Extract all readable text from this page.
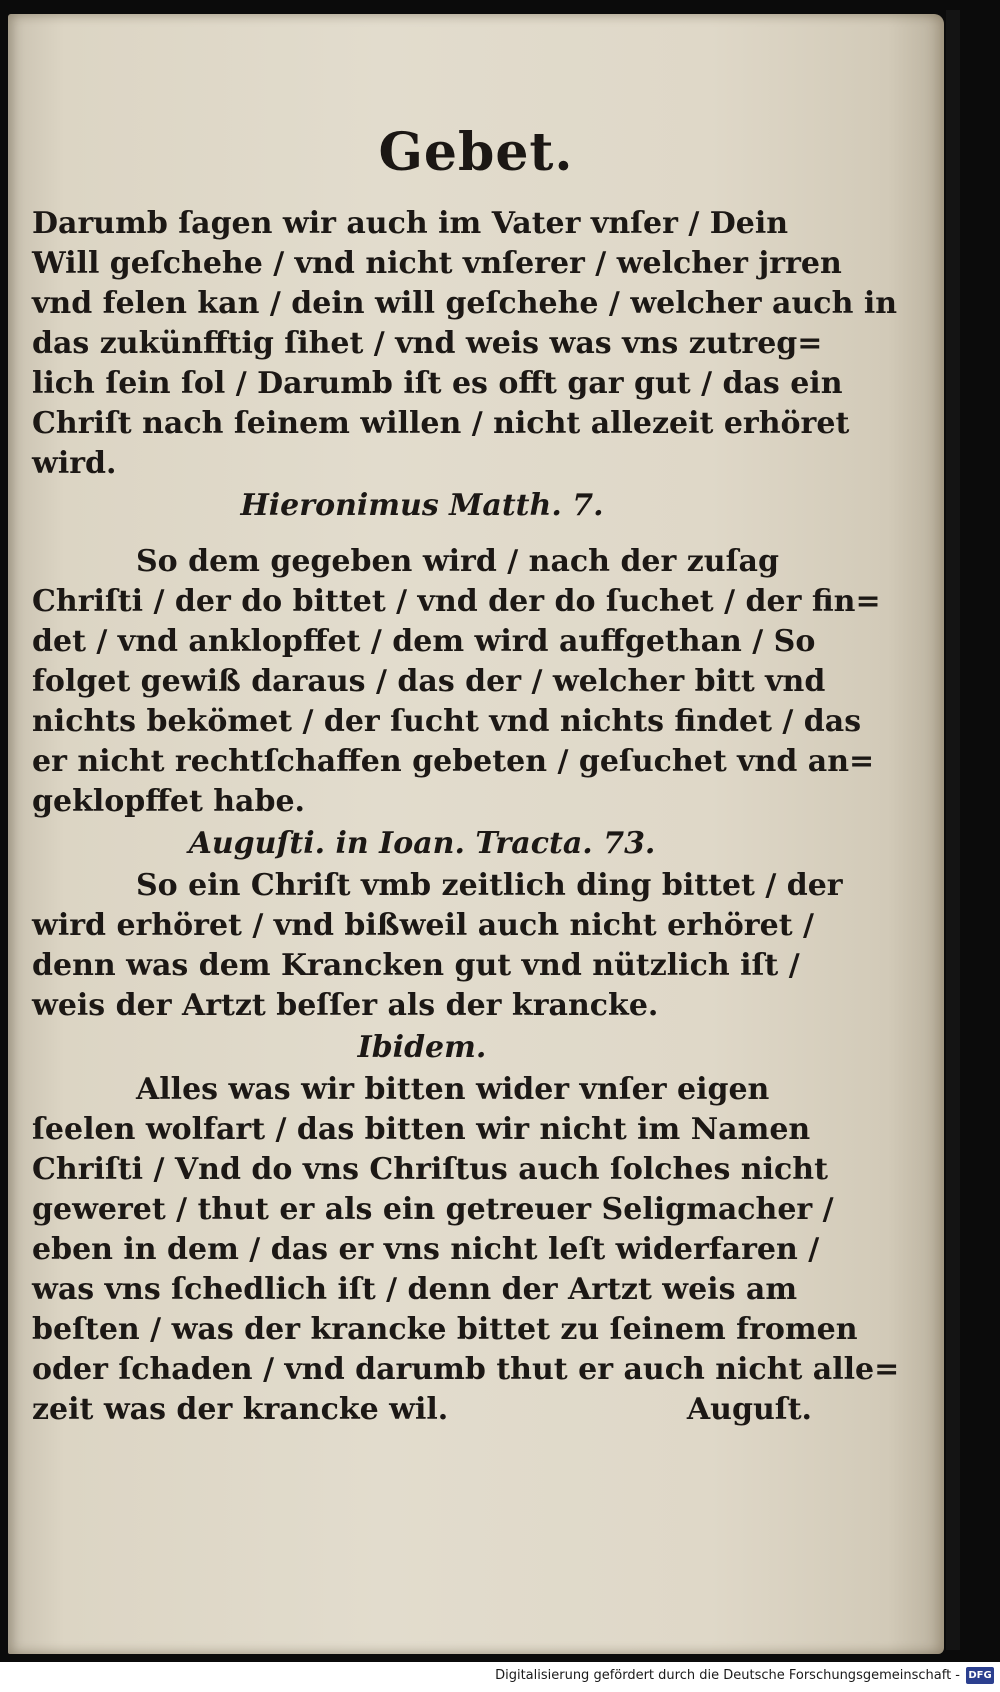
Gebet.
Darumb ſagen wir auch im Vater vnſer / Dein
Will geſchehe / vnd nicht vnſerer / welcher jrren
vnd felen kan / dein will geſchehe / welcher auch in
das zukünfftig ſihet / vnd weis was vns zutreg=
lich ſein ſol / Darumb iſt es offt gar gut / das ein
Chriſt nach ſeinem willen / nicht allezeit erhöret
wird.
Hieronimus Matth. 7.
So dem gegeben wird / nach der zuſag
Chriſti / der do bittet / vnd der do ſuchet / der fin=
det / vnd anklopffet / dem wird auffgethan / So
folget gewiß daraus / das der / welcher bitt vnd
nichts bekömet / der ſucht vnd nichts findet / das
er nicht rechtſchaffen gebeten / geſuchet vnd an=
geklopffet habe.
Auguſti. in Ioan. Tracta. 73.
So ein Chriſt vmb zeitlich ding bittet / der
wird erhöret / vnd bißweil auch nicht erhöret /
denn was dem Krancken gut vnd nützlich iſt /
weis der Artzt beſſer als der krancke.
Ibidem.
Alles was wir bitten wider vnſer eigen
ſeelen wolfart / das bitten wir nicht im Namen
Chriſti / Vnd do vns Chriſtus auch ſolches nicht
geweret / thut er als ein getreuer Seligmacher /
eben in dem / das er vns nicht leſt widerfaren /
was vns ſchedlich iſt / denn der Artzt weis am
beſten / was der krancke bittet zu ſeinem fromen
oder ſchaden / vnd darumb thut er auch nicht alle=
zeit was der krancke wil.	Auguſt.
Digitalisierung gefördert durch die Deutsche Forschungsgemeinschaft - DFG
